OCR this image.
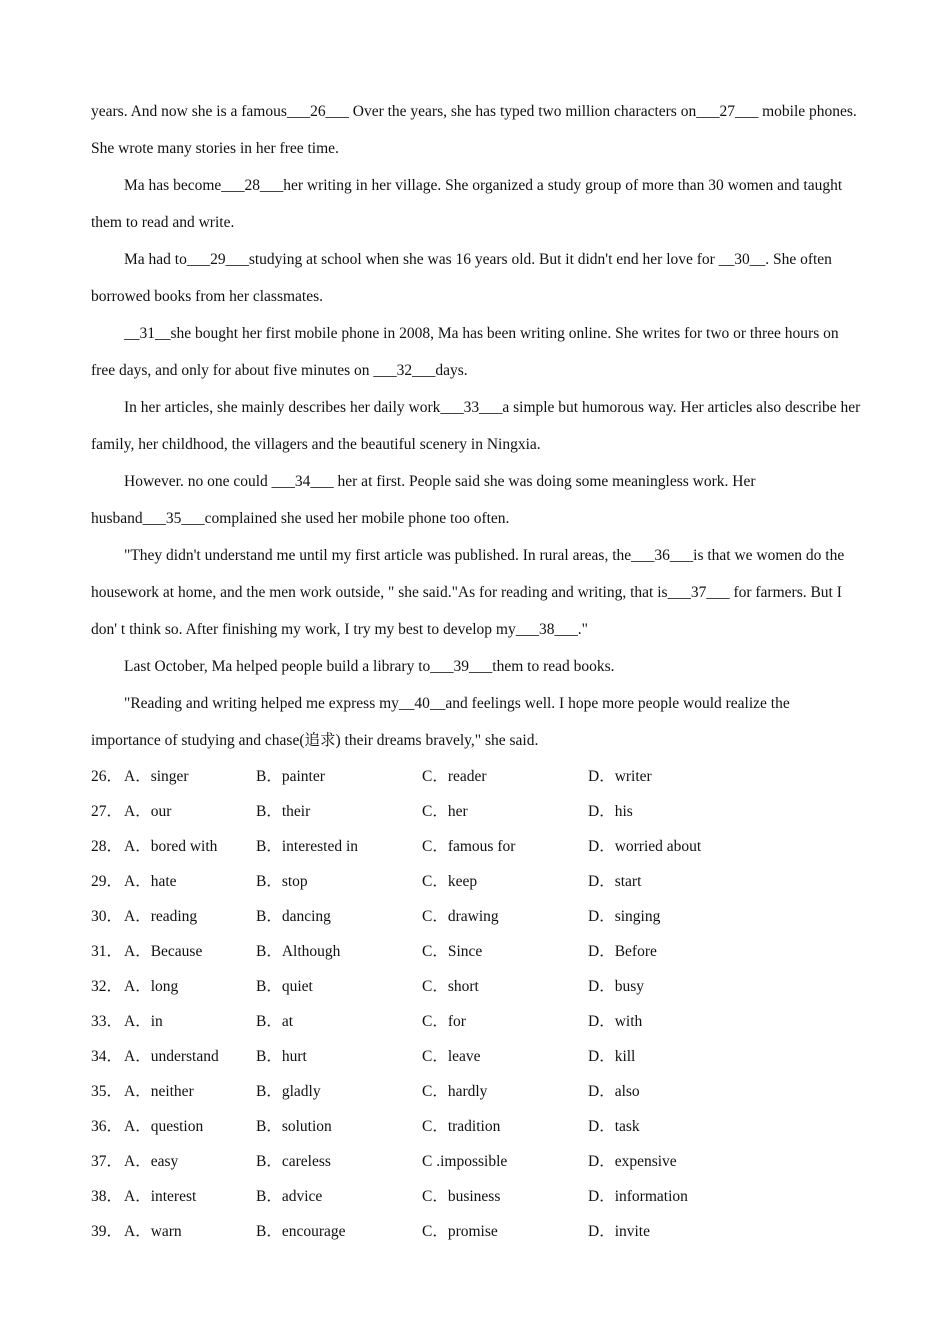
years. And now she is a famous___26___ Over the years, she has typed two million characters on___27___ mobile phones. She wrote many stories in her free time.

Ma has become___28___her writing in her village. She organized a study group of more than 30 women and taught them to read and write.

Ma had to___29___studying at school when she was 16 years old. But it didn't end her love for __30__. She often borrowed books from her classmates.

__31__she bought her first mobile phone in 2008, Ma has been writing online. She writes for two or three hours on free days, and only for about five minutes on ___32___days.

In her articles, she mainly describes her daily work___33___a simple but humorous way. Her articles also describe her family, her childhood, the villagers and the beautiful scenery in Ningxia.

However. no one could ___34___ her at first. People said she was doing some meaningless work. Her husband___35___complained she used her mobile phone too often.

"They didn't understand me until my first article was published. In rural areas, the___36___is that we women do the housework at home, and the men work outside, " she said."As for reading and writing, that is___37___ for farmers. But I don' t think so. After finishing my work, I try my best to develop my___38___."

Last October, Ma helped people build a library to___39___them to read books.

"Reading and writing helped me express my__40__and feelings well. I hope more people would realize the importance of studying and chase(追求) their dreams bravely," she said.

26． A．singer	B．painter	C．reader	D．writer
27． A．our	B．their	C．her	D．his
28． A．bored with B．interested in	C．famous for	D．worried about
29． A．hate	B．stop	C．keep	D．start
30． A．reading	B．dancing	C．drawing	D．singing
31． A．Because	B．Although	C．Since	D．Before
32． A．long	B．quiet	C．short	D．busy
33． A．in	B．at	C．for	D．with
34． A．understand B．hurt	C．leave	D．kill
35． A．neither	B．gladly	C．hardly	D．also
36． A．question	B．solution	C．tradition	D．task
37． A．easy	B．careless	C .impossible	D．expensive
38． A．interest	B．advice	C．business	D．information
39． A．warn	B．encourage	C．promise	D．invite
